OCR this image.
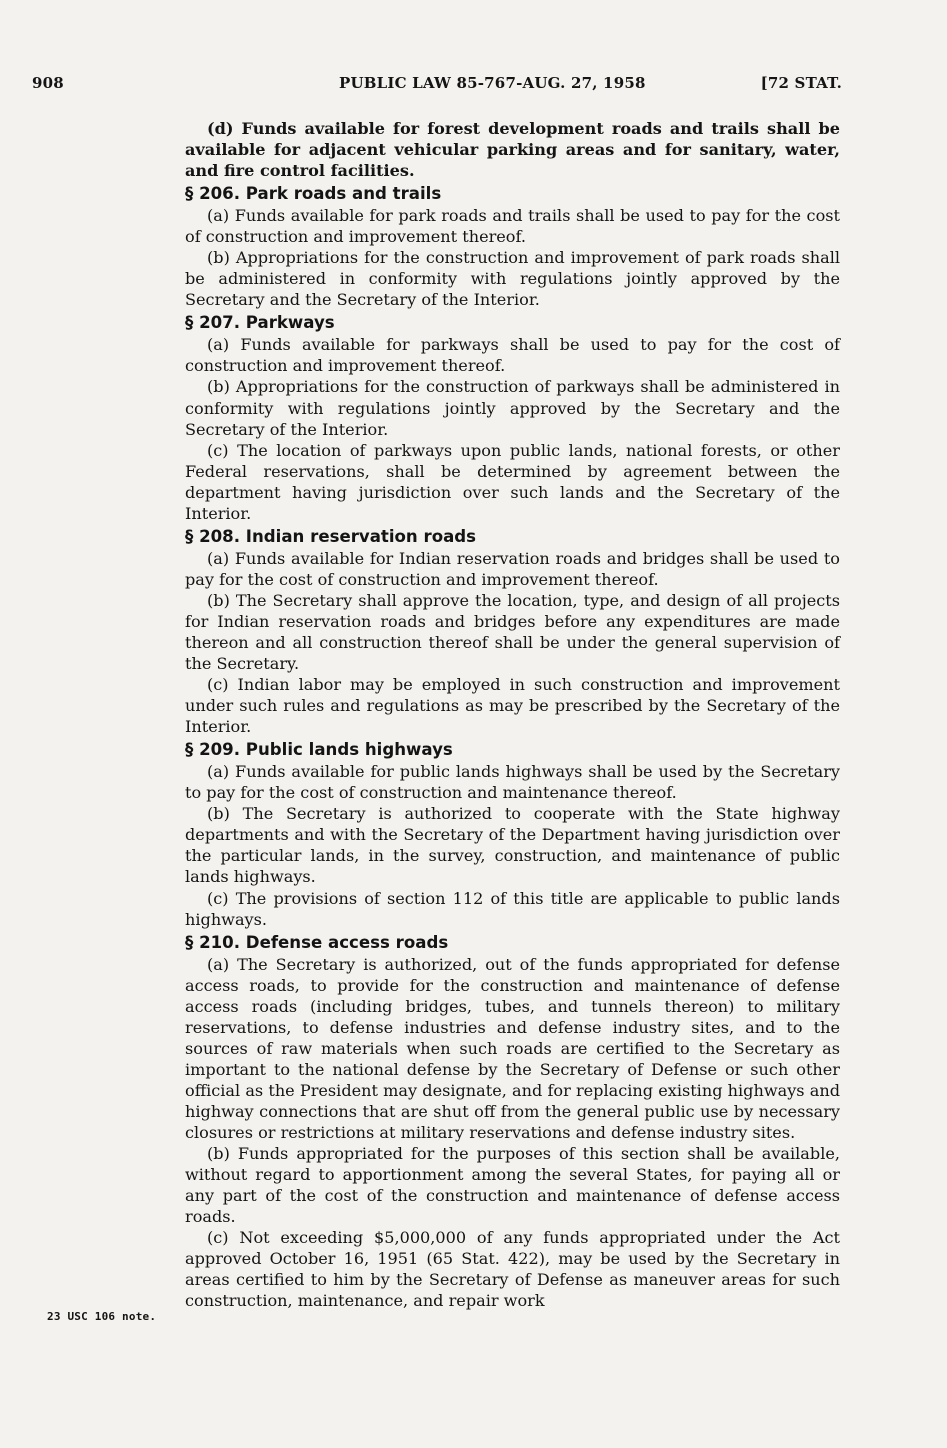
908	PUBLIC LAW 85-767-AUG. 27, 1958	[72 STAT.

(d) Funds available for forest development roads and trails shall be available for adjacent vehicular parking areas and for sanitary, water, and fire control facilities.

§ 206. Park roads and trails

(a) Funds available for park roads and trails shall be used to pay for the cost of construction and improvement thereof.

(b) Appropriations for the construction and improvement of park roads shall be administered in conformity with regulations jointly approved by the Secretary and the Secretary of the Interior.

§ 207. Parkways

(a) Funds available for parkways shall be used to pay for the cost of construction and improvement thereof.

(b) Appropriations for the construction of parkways shall be administered in conformity with regulations jointly approved by the Secretary and the Secretary of the Interior.

(c) The location of parkways upon public lands, national forests, or other Federal reservations, shall be determined by agreement between the department having jurisdiction over such lands and the Secretary of the Interior.

§ 208. Indian reservation roads

(a) Funds available for Indian reservation roads and bridges shall be used to pay for the cost of construction and improvement thereof.

(b) The Secretary shall approve the location, type, and design of all projects for Indian reservation roads and bridges before any expenditures are made thereon and all construction thereof shall be under the general supervision of the Secretary.

(c) Indian labor may be employed in such construction and improvement under such rules and regulations as may be prescribed by the Secretary of the Interior.

§ 209. Public lands highways

(a) Funds available for public lands highways shall be used by the Secretary to pay for the cost of construction and maintenance thereof.

(b) The Secretary is authorized to cooperate with the State highway departments and with the Secretary of the Department having jurisdiction over the particular lands, in the survey, construction, and maintenance of public lands highways.

(c) The provisions of section 112 of this title are applicable to public lands highways.

§ 210. Defense access roads

(a) The Secretary is authorized, out of the funds appropriated for defense access roads, to provide for the construction and maintenance of defense access roads (including bridges, tubes, and tunnels thereon) to military reservations, to defense industries and defense industry sites, and to the sources of raw materials when such roads are certified to the Secretary as important to the national defense by the Secretary of Defense or such other official as the President may designate, and for replacing existing highways and highway connections that are shut off from the general public use by necessary closures or restrictions at military reservations and defense industry sites.

(b) Funds appropriated for the purposes of this section shall be available, without regard to apportionment among the several States, for paying all or any part of the cost of the construction and maintenance of defense access roads.

(c) Not exceeding $5,000,000 of any funds appropriated under the Act approved October 16, 1951 (65 Stat. 422), may be used by the Secretary in areas certified to him by the Secretary of Defense as maneuver areas for such construction, maintenance, and repair work

23 USC 106 note.
